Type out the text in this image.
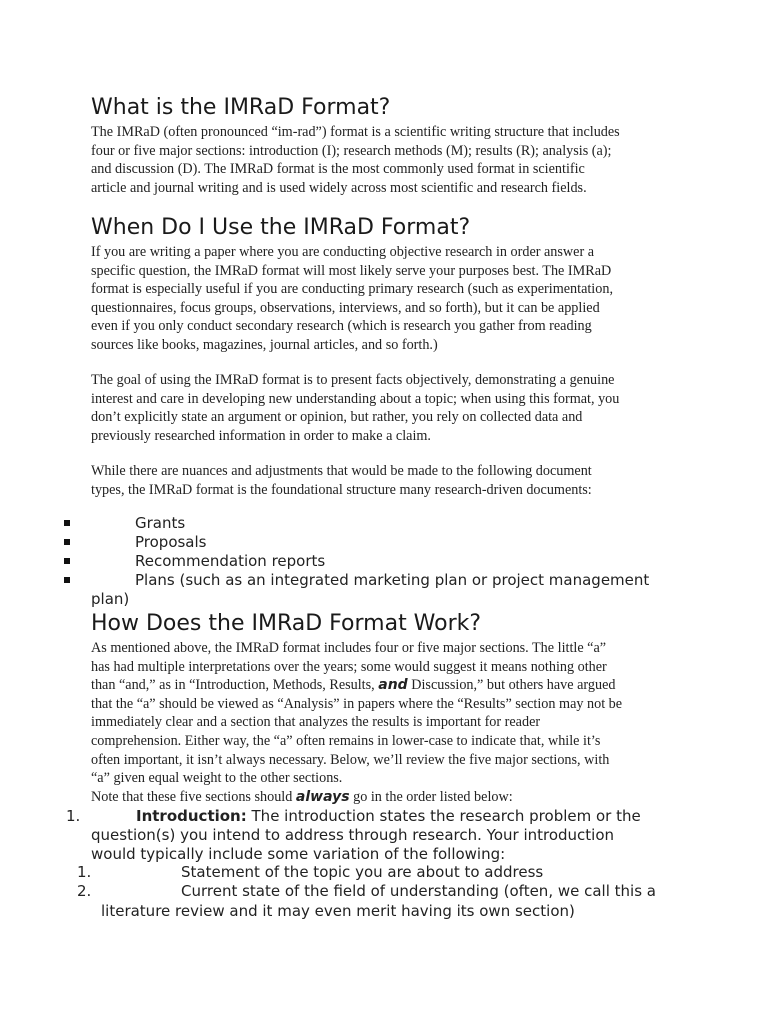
What is the IMRaD Format?
The IMRaD (often pronounced “im-rad”) format is a scientific writing structure that includes
four or five major sections: introduction (I); research methods (M); results (R); analysis (a);
and discussion (D). The IMRaD format is the most commonly used format in scientific
article and journal writing and is used widely across most scientific and research fields.
When Do I Use the IMRaD Format?
If you are writing a paper where you are conducting objective research in order answer a
specific question, the IMRaD format will most likely serve your purposes best. The IMRaD
format is especially useful if you are conducting primary research (such as experimentation,
questionnaires, focus groups, observations, interviews, and so forth), but it can be applied
even if you only conduct secondary research (which is research you gather from reading
sources like books, magazines, journal articles, and so forth.)
The goal of using the IMRaD format is to present facts objectively, demonstrating a genuine
interest and care in developing new understanding about a topic; when using this format, you
don’t explicitly state an argument or opinion, but rather, you rely on collected data and
previously researched information in order to make a claim.
While there are nuances and adjustments that would be made to the following document
types, the IMRaD format is the foundational structure many research-driven documents:
Grants
Proposals
Recommendation reports
Plans (such as an integrated marketing plan or project management
plan)
How Does the IMRaD Format Work?
As mentioned above, the IMRaD format includes four or five major sections. The little “a”
has had multiple interpretations over the years; some would suggest it means nothing other
than “and,” as in “Introduction, Methods, Results, and Discussion,” but others have argued
that the “a” should be viewed as “Analysis” in papers where the “Results” section may not be
immediately clear and a section that analyzes the results is important for reader
comprehension. Either way, the “a” often remains in lower-case to indicate that, while it’s
often important, it isn’t always necessary. Below, we’ll review the five major sections, with
“a” given equal weight to the other sections.
Note that these five sections should always go in the order listed below:
1.	Introduction: The introduction states the research problem or the
question(s) you intend to address through research. Your introduction
would typically include some variation of the following:
1.	Statement of the topic you are about to address
2.	Current state of the field of understanding (often, we call this a
literature review and it may even merit having its own section)
